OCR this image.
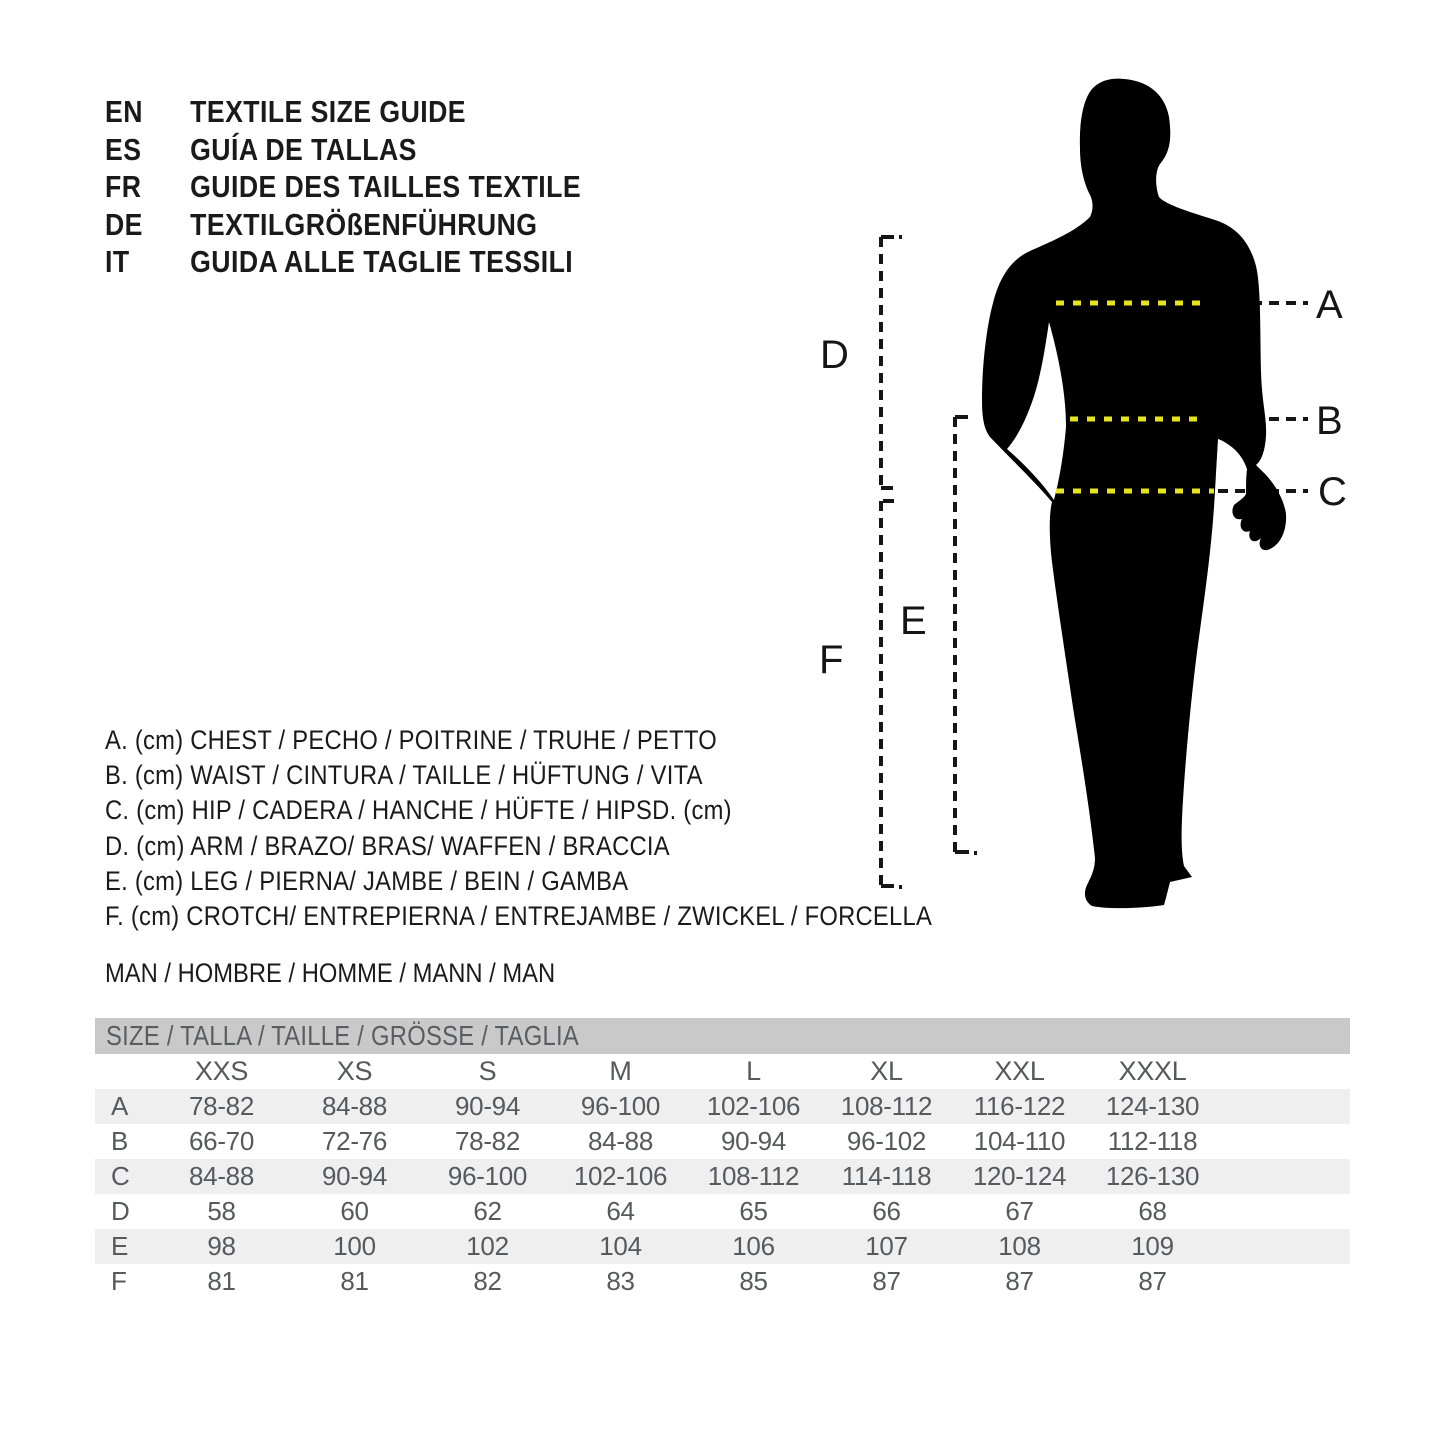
EN TEXTILE SIZE GUIDE
ES GUÍA DE TALLAS
FR GUIDE DES TAILLES TEXTILE
DE TEXTILGRÖßENFÜHRUNG
IT GUIDA ALLE TAGLIE TESSILI
A
B
C
D
E
F
A. (cm) CHEST / PECHO / POITRINE / TRUHE / PETTO
B. (cm) WAIST / CINTURA / TAILLE / HÜFTUNG / VITA
C. (cm) HIP / CADERA / HANCHE / HÜFTE / HIPSD. (cm)
D. (cm) ARM / BRAZO/ BRAS/ WAFFEN / BRACCIA
E. (cm) LEG / PIERNA/ JAMBE / BEIN / GAMBA
F. (cm) CROTCH/ ENTREPIERNA / ENTREJAMBE / ZWICKEL / FORCELLA
MAN / HOMBRE / HOMME / MANN / MAN
SIZE / TALLA / TAILLE / GRÖSSE / TAGLIA
XXS	XS	S	M	L	XL	XXL	XXXL
A	78-82	84-88	90-94	96-100	102-106	108-112	116-122	124-130
B	66-70	72-76	78-82	84-88	90-94	96-102	104-110	112-118
C	84-88	90-94	96-100	102-106	108-112	114-118	120-124	126-130
D	58	60	62	64	65	66	67	68
E	98	100	102	104	106	107	108	109
F	81	81	82	83	85	87	87	87
